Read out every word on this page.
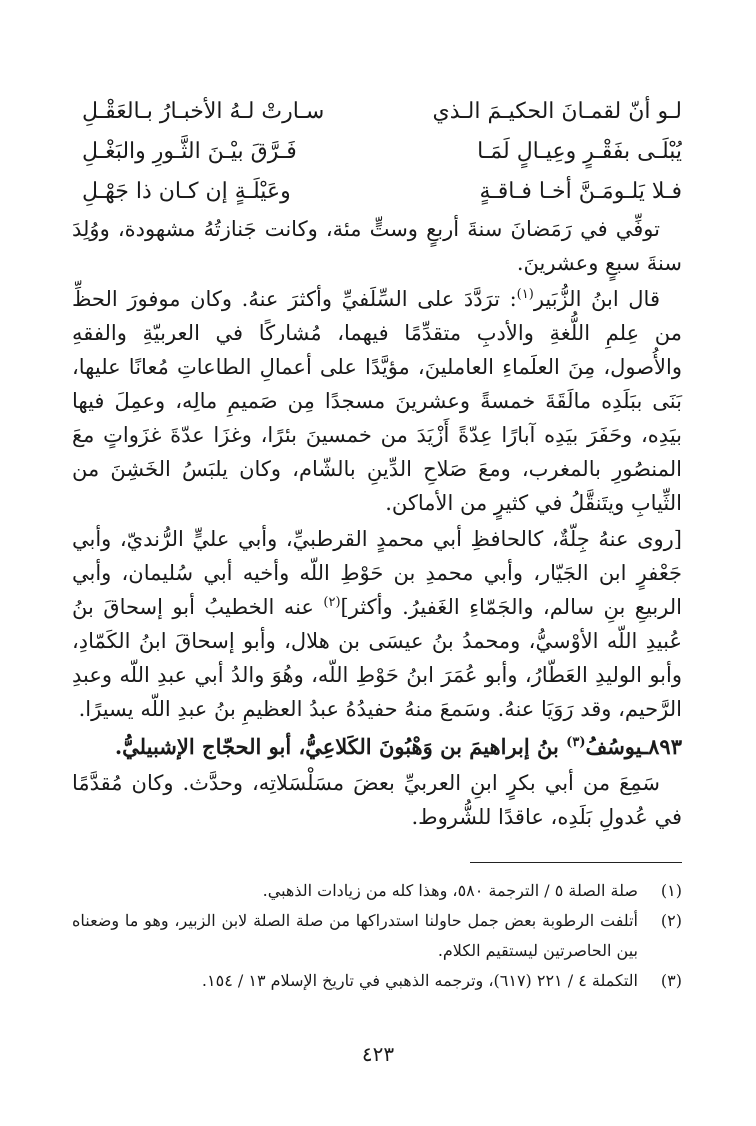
لـو أنّ لقمـانَ الحكيـمَ الـذي
سـارتْ لـهُ الأخبـارُ بـالعَقْـلِ
يُبْلَـى بفَقْـرٍ وعِيـالٍ لَمَـا
فَـرَّقَ بيْـنَ الثَّـورِ والبَغْـلِ
فـلا يَلـومَـنَّ أخـا فـاقـةٍ
وعَيْلَـةٍ إن كـان ذا جَهْـلِ

توفِّي في رَمَضانَ سنةَ أربعٍ وستٍّ مئة، وكانت جَنازتُهُ مشهودة، ووُلِدَ سنةَ سبعٍ وعشرينَ.

قال ابنُ الزُّبَير$^{(١)}$: ترَدَّدَ على السِّلَفيِّ وأكثرَ عنهُ. وكان موفورَ الحظِّ من عِلمِ اللُّغةِ والأدبِ متقدِّمًا فيهما، مُشاركًا في العربيّةِ والفقهِ والأُصول، مِنَ العلَماءِ العاملينَ، مؤيَّدًا على أعمالِ الطاعاتِ مُعانًا عليها، بَنَى ببَلَدِه مالَقَةَ خمسةً وعشرينَ مسجدًا مِن صَميمِ مالِه، وعمِلَ فيها بيَدِه، وحَفَرَ بيَدِه آبارًا عِدّةً أَزْيَدَ من خمسينَ بئرًا، وغزَا عدّةَ غزَواتٍ معَ المنصُورِ بالمغرب، ومعَ صَلاحِ الدِّينِ بالشّام، وكان يلبَسُ الخَشِنَ من الثِّيابِ ويتَنقَّلُ في كثيرٍ من الأماكن.

[روى عنهُ جِلّةٌ، كالحافظِ أبي محمدٍ القرطبيِّ، وأبي عليٍّ الرُّنديّ، وأبي جَعْفرٍ ابن الجَيّار، وأبي محمدِ بن حَوْطِ اللّه وأخيه أبي سُليمان، وأبي الربيعِ بنِ سالم، والجَمّاءِ الغَفيرُ. وأكثر]$^{(٢)}$ عنه الخطيبُ أبو إسحاقَ بنُ عُبيدِ اللّه الأوْسيُّ، ومحمدُ بنُ عيسَى بن هلال، وأبو إسحاقَ ابنُ الكَمّادِ، وأبو الوليدِ العَطّارُ، وأبو عُمَرَ ابنُ حَوْطِ اللّه، وهُوَ والدُ أبي عبدِ اللّه وعبدِ الرَّحيم، وقد رَوَيَا عنهُ. وسَمعَ منهُ حفيدُهُ عبدُ العظيمِ بنُ عبدِ اللّه يسيرًا.

٨٩٣ـيوسُفُ$^{(٣)}$ بنُ إبراهيمَ بن وَهْبُونَ الكَلاعِيُّ، أبو الحجّاج الإشبيليُّ.

سَمِعَ من أبي بكرٍ ابنِ العربيِّ بعضَ مسَلْسَلاتِه، وحدَّث. وكان مُقدَّمًا في عُدولِ بَلَدِه، عاقدًا للشُّروط.

(١)
صلة الصلة ٥ / الترجمة ٥٨٠، وهذا كله من زيادات الذهبي.
(٢)
أتلفت الرطوبة بعض جمل حاولنا استدراكها من صلة الصلة لابن الزبير، وهو ما وضعناه بين الحاصرتين ليستقيم الكلام.
(٣)
التكملة ٤ / ٢٢١ (٦١٧)، وترجمه الذهبي في تاريخ الإسلام ١٣ / ١٥٤.
٤٢٣
